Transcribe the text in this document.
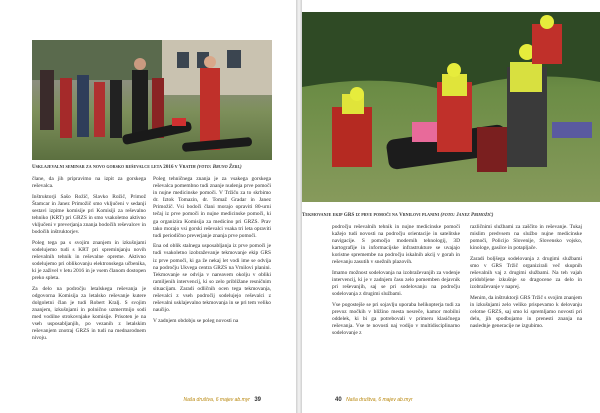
Usklajevalni seminar za novo gorsko reševalce leta 2016 v Vratih (foto: Bruno Žerl)

člane, da jih pripravimo na izpit za gorskega reševalca.

Inštruktorji Sašo Rožič, Slavko Rožič, Primož Štamcar in Janez Primožič smo vključeni v sedanji sestavi izpitne komisije pri Komisiji za reševalno tehniko (KRT) pri GRZS in smo vsakoletno aktivno vključeni v preverjanja znanja bodočih reševalcev in bodočih inštruktorjev.

Poleg tega pa s svojim znanjem in izkušnjami sodelujemo tudi s KRT pri spreminjanju novih reševalnih tehnik in reševalne opreme. Aktivno sodelujemo pri oblikovanju elektronskega učbenika, ki je zaživel v letu 2016 in je vsem članom dostopen preko spleta.

Za delo na področju letalskega reševanja je odgovorna Komisija za letalsko reševanje kutere dolgoletni član je tudi Robert Kralj. S svojim znanjem, izkušnjami in polnično uzmerrtnijo sodi med vodilne strokovnjake komisije. Prisoten je na vseh usposabljanjih, po vezanih z letalskim reševanjem znotraj GRZS in tudi na mednarodnem nivoju.

Poleg tehničnega znanja je za vsakega gorskega reševalca pomembno tudi znanje nudenja prve pomoči in nujne medicinske pomoči. V Tržiču za to skrbimo dr. Iztok Tomazin, dr. Tomaž Gradar in Janez Primožič. Vsi bodoči člani morajo opraviti 80-urni tečaj iz prve pomoči in nujne medicinske pomoči, ki ga organizira Komisija za medicino pri GRZS. Prav tako morajo vsi gorski reševalci vsaka tri leta opraviti tudi periodično preverjanje znanja prve pomoči.

Ena od oblik stalnega usposabljanja iz prve pomoči je tudi vsakoletno izobraževanje tekmovanje ekip GRS iz prve pomoči, ki ga že nekaj let vodi ime se odvija na področju Ukvega centra GRZS na Vrnilovi planini. Tekmovanje se odvija v nareavem okolju v obliki ramiljenih intervencij, ki so zelo približane resničnim situacijam. Zaradi odličnih ocen tega tekmovanja, reševalci z vseh področij sodelujejo reševalci z reševalni usklajevalno tekmovanja in se pri tem veliko naučijo.

V zadnjem obdobju se poleg novosti na

Naša društva, 6 majev ab.myr 39
Tekmovanje ekip GRS iz prve pomoči na Vrnilovi planini (foto: Janez Primožič)

področju reševalnih tehnik in nujne medicinske pomoči kažejo tudi novosti na področju orientacije in satelitske navigacije. S pomočjo modernih tehnologij, 3D kartografije in informacijske infrastrukture se uvajajo koristne spremembe na področju iskalnih akcij v gorah in reševanju zasutih v snežnih plazovih.

Imamo možnost sodelovanja na izobraževanjih za vodenje intervencij, ki je v zadnjem času zelo pomemben dejavnik pri reševanjih, saj se pri sodelovanju na področju sodelovanja z drugimi službami.

Vse pogostejše se pri sojavlju uporaba helikopterja tudi za prevoz močkih v bližino mesta nesreče, kamor mobilni oddelek, ki bi ga potrebovali v primeru klasičnega reševanja. Vse te novosti naj vodijo v multidisciplinarno sodelovanje z

različnimi službami za zaščito in reševanje. Tukaj mislim predvsem na službo nujne medicinske pomoči, Policijo Slovenije, Slovensko vojsko, kinologe, gasilce in potapljače.

Zaradi boljšega sodelovanja z drugimi službami smo v GRS Tržič organizirali več skupnih reševalnih vaj z drugimi službami. Na teh vajah pridobljene izkušnje so dragocene za delo in izobraževanje v naprej.

Menim, da inštruktorji GRS Tržič s svojim znanjem in izkušnjami zelo veliko prispevamo k delovanju celotne GRZS, saj smo ki spremljamo novosti pri delu, jih spodbujamo in prenesti znanja na naslednje generacije ne izgubimo.

40 Naša društva, 6 majev ab.myr
